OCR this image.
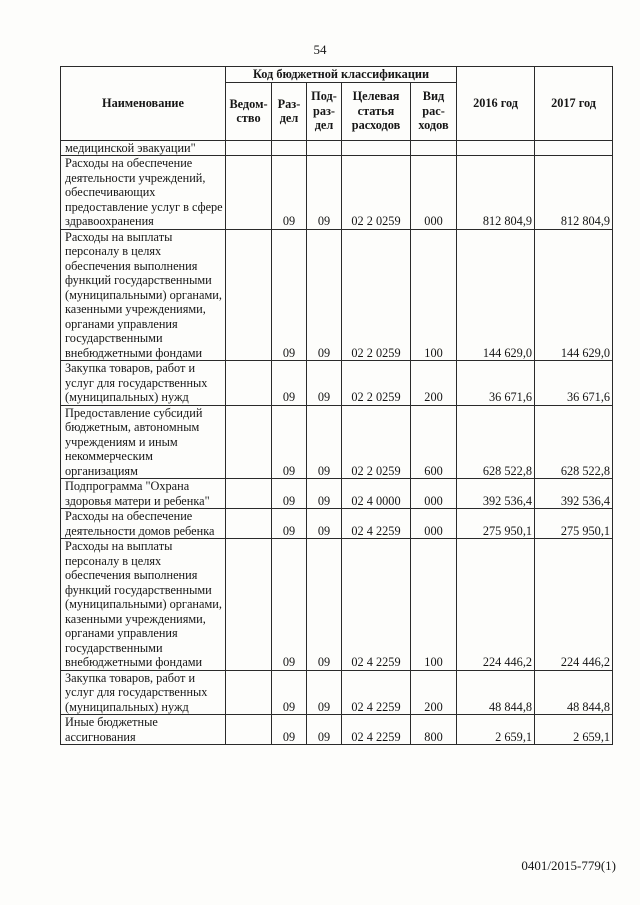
54
Наименование	Код бюджетной классификации					2016 год	2017 год
	Ведом-ство	Раз-дел	Под-раз-дел	Целевая статья расходов	Вид рас-ходов		
медицинской эвакуации"							
Расходы на обеспечение деятельности учреждений, обеспечивающих предоставление услуг в сфере здравоохранения		09	09	02 2 0259	000	812 804,9	812 804,9
Расходы на выплаты персоналу в целях обеспечения выполнения функций государственными (муниципальными) органами, казенными учреждениями, органами управления государственными внебюджетными фондами		09	09	02 2 0259	100	144 629,0	144 629,0
Закупка товаров, работ и услуг для государственных (муниципальных) нужд		09	09	02 2 0259	200	36 671,6	36 671,6
Предоставление субсидий бюджетным, автономным учреждениям и иным некоммерческим организациям		09	09	02 2 0259	600	628 522,8	628 522,8
Подпрограмма "Охрана здоровья матери и ребенка"		09	09	02 4 0000	000	392 536,4	392 536,4
Расходы на обеспечение деятельности домов ребенка		09	09	02 4 2259	000	275 950,1	275 950,1
Расходы на выплаты персоналу в целях обеспечения выполнения функций государственными (муниципальными) органами, казенными учреждениями, органами управления государственными внебюджетными фондами		09	09	02 4 2259	100	224 446,2	224 446,2
Закупка товаров, работ и услуг для государственных (муниципальных) нужд		09	09	02 4 2259	200	48 844,8	48 844,8
Иные бюджетные ассигнования		09	09	02 4 2259	800	2 659,1	2 659,1
0401/2015-779(1)
